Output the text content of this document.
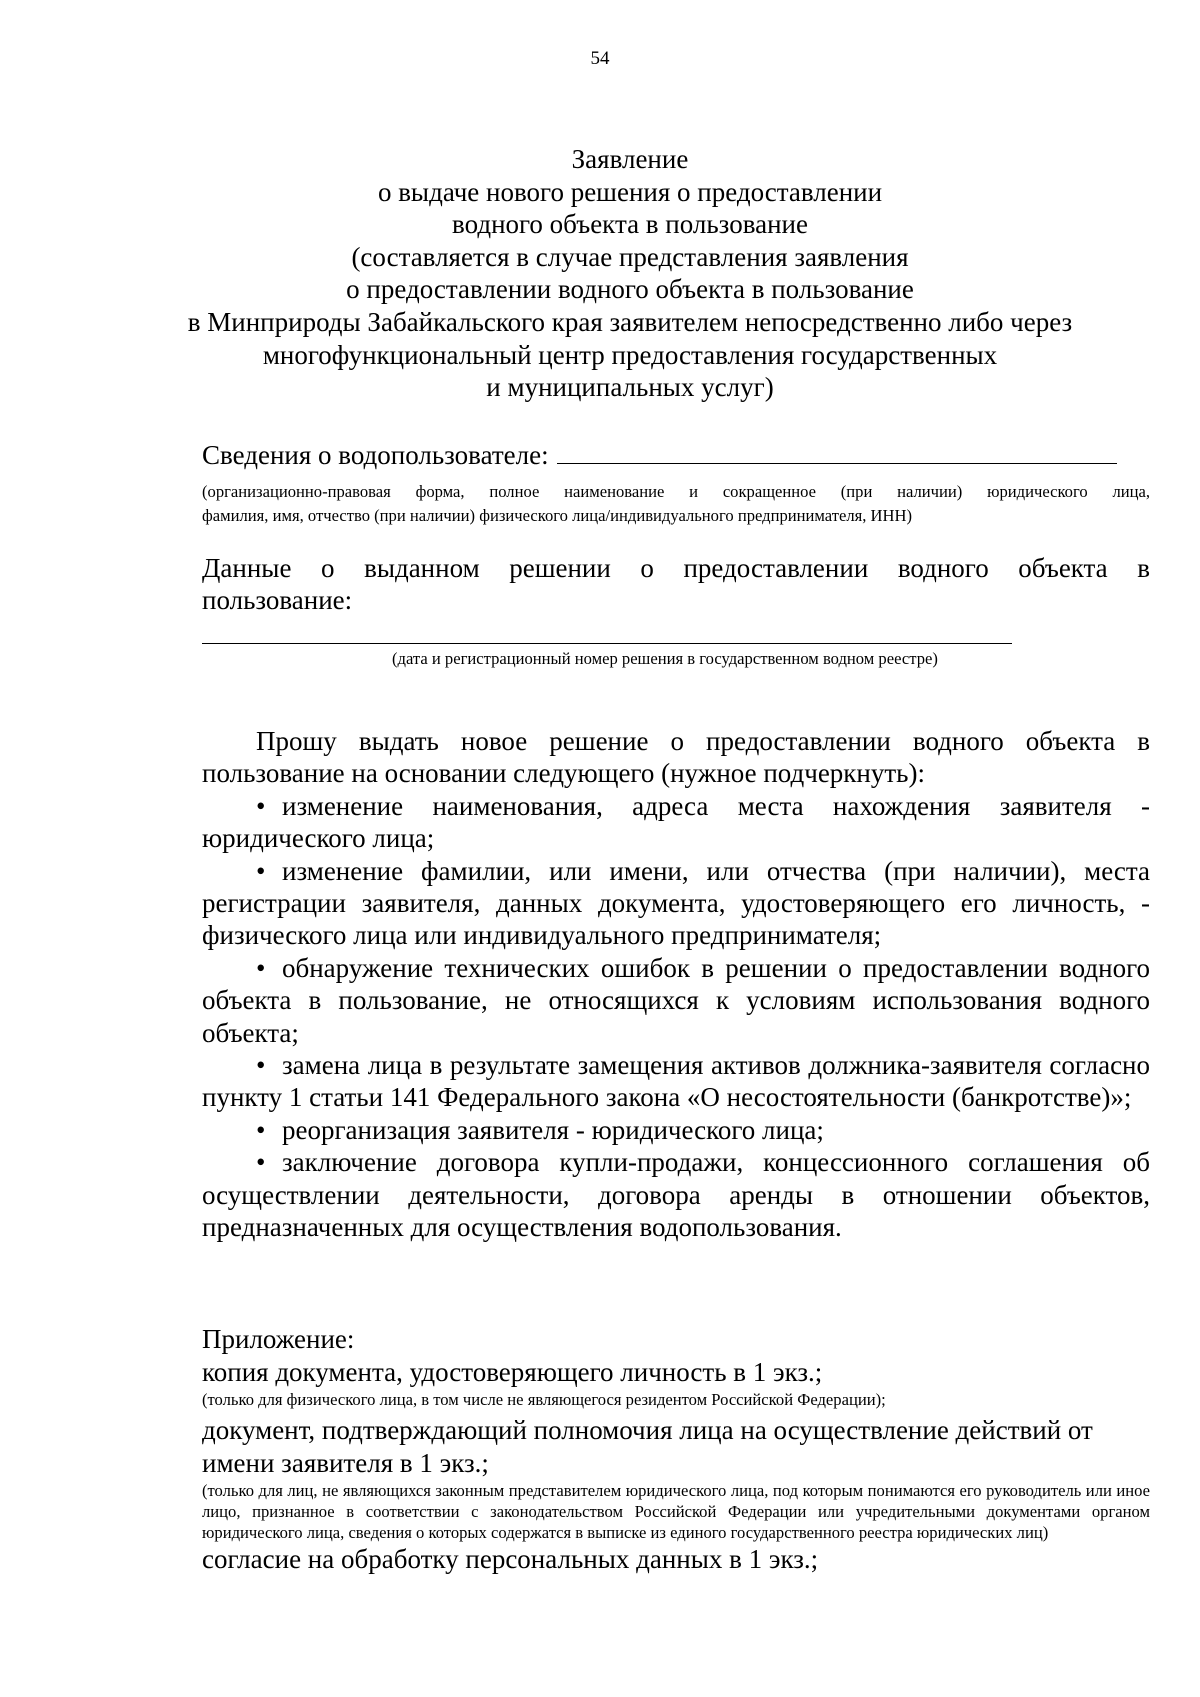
54
Заявление
о выдаче нового решения о предоставлении
водного объекта в пользование
(составляется в случае представления заявления
о предоставлении водного объекта в пользование
в Минприроды Забайкальского края заявителем непосредственно либо через
многофункциональный центр предоставления государственных
и муниципальных услуг)
Сведения о водопользователе:
(организационно-правовая форма, полное наименование и сокращенное (при наличии) юридического лица,
фамилия, имя, отчество (при наличии) физического лица/индивидуального предпринимателя, ИНН)
Данные о выданном решении о предоставлении водного объекта в
пользование:
(дата и регистрационный номер решения в государственном водном реестре)

Прошу выдать новое решение о предоставлении водного объекта в пользование на основании следующего (нужное подчеркнуть):

• изменение наименования, адреса места нахождения заявителя - юридического лица;

• изменение фамилии, или имени, или отчества (при наличии), места регистрации заявителя, данных документа, удостоверяющего его личность, - физического лица или индивидуального предпринимателя;

• обнаружение технических ошибок в решении о предоставлении водного объекта в пользование, не относящихся к условиям использования водного объекта;

• замена лица в результате замещения активов должника-заявителя согласно пункту 1 статьи 141 Федерального закона «О несостоятельности (банкротстве)»;

• реорганизация заявителя - юридического лица;

• заключение договора купли-продажи, концессионного соглашения об осуществлении деятельности, договора аренды в отношении объектов, предназначенных для осуществления водопользования.

Приложение:
копия документа, удостоверяющего личность в 1 экз.;
(только для физического лица, в том числе не являющегося резидентом Российской Федерации);
документ, подтверждающий полномочия лица на осуществление действий от имени заявителя в 1 экз.;
(только для лиц, не являющихся законным представителем юридического лица, под которым понимаются его руководитель или иное лицо, признанное в соответствии с законодательством Российской Федерации или учредительными документами органом юридического лица, сведения о которых содержатся в выписке из единого государственного реестра юридических лиц)
согласие на обработку персональных данных в 1 экз.;
